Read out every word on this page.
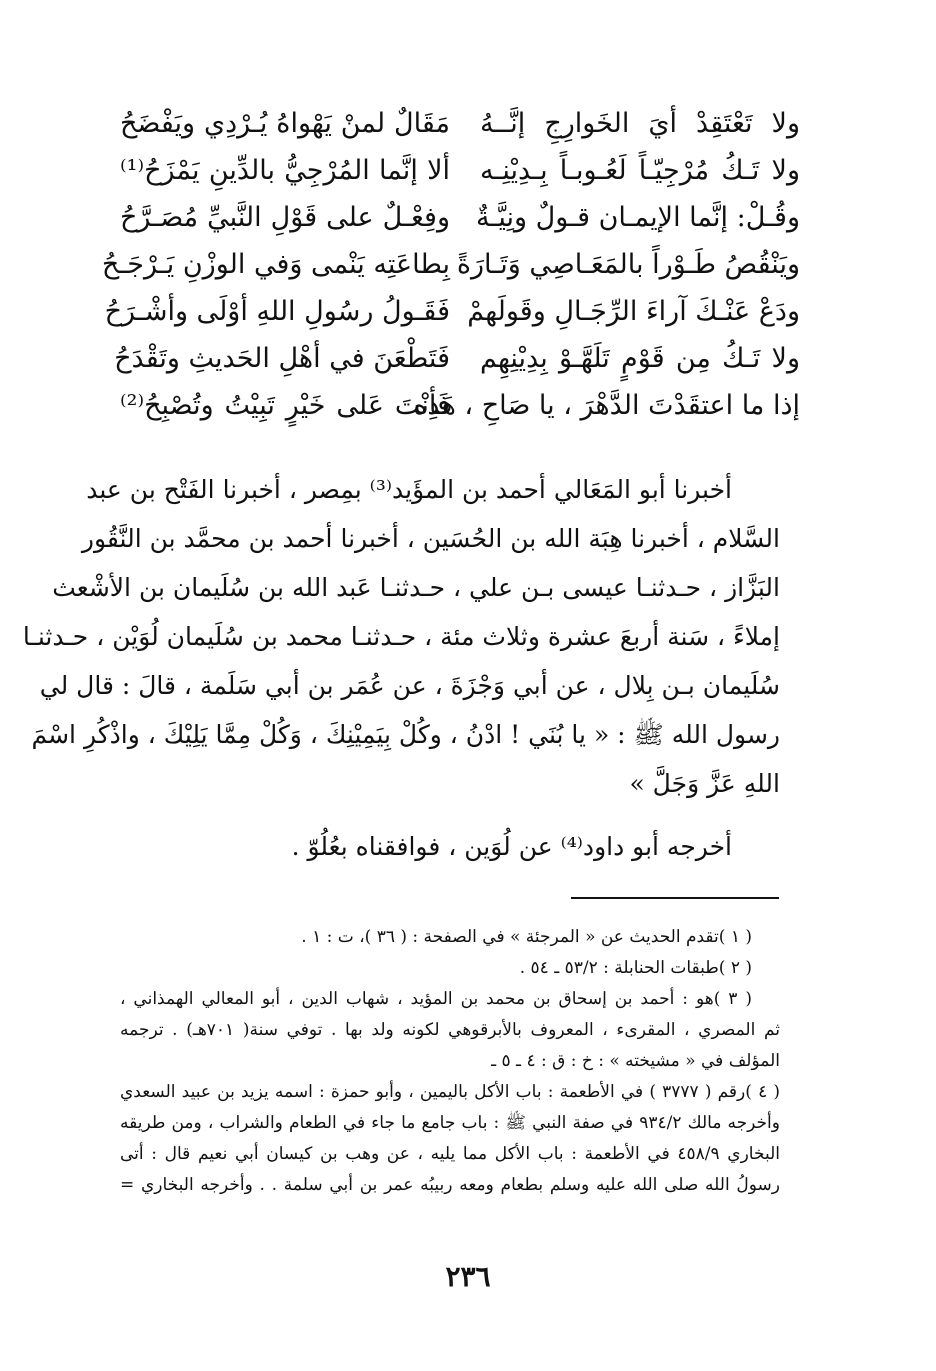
ولا تَعْتَقِدْ أيَ الخَوارِجِ إنَّــهُ
مَقَالٌ لمنْ يَهْواهُ يُـرْدِي ويَفْضَحُ
ولا تَـكُ مُرْجِيّـاً لَعُـوبـاً بِـدِيْنِـه
ألا إنَّما المُرْجِيُّ بالدِّينِ يَمْزَحُ⁽¹⁾
وقُـلْ: إنَّما الإيمـان قـولٌ ونِيَّـةٌ
وفِعْـلٌ على قَوْلِ النَّبيِّ مُصَـرَّحُ
ويَنْقُصُ طَـوْراً بالمَعَـاصِي وَتَـارَةً
بِطاعَتِه يَنْمى وَفي الوزْنِ يَـرْجَـحُ
ودَعْ عَنْـكَ آراءَ الرِّجَـالِ وقَولَهمْ
فَقَـولُ رسُولِ اللهِ أوْلَى وأشْـرَحُ
ولا تَـكُ مِن قَوْمٍ تَلَهَّـوْ بِدِيْنِهِم
فَتَطْعَنَ في أهْلِ الحَديثِ وتَقْدَحُ
إذا ما اعتقَدْتَ الدَّهْرَ ، يا صَاحِ ، هَذِه
فَأنْتَ عَلى خَيْرٍ تَبِيْتُ وتُصْبِحُ⁽²⁾

أخبرنا أبو المَعَالي أحمد بن المؤَيد⁽³⁾ بمِصر ، أخبرنا الفَتْح بن عبد
السَّلام ، أخبرنا هِبَة الله بن الحُسَين ، أخبرنا أحمد بن محمَّد بن النَّقُور
البَزَّاز ، حـدثنـا عيسى بـن علي ، حـدثنـا عَبد الله بن سُلَيمان بن الأشْعث
إملاءً ، سَنة أربعَ عشرة وثلاث مئة ، حـدثنـا محمد بن سُلَيمان لُوَيْن ، حـدثنـا
سُلَيمان بـن بِلال ، عن أبي وَجْزَةَ ، عن عُمَر بن أبي سَلَمة ، قالَ : قال لي
رسول الله ﷺ : « يا بُنَي ! ادْنُ ، وكُلْ بِيَمِيْنِكَ ، وَكُلْ مِمَّا يَلِيْكَ ، واذْكُرِ اسْمَ
اللهِ عَزَّ وَجَلَّ »

أخرجه أبو داود⁽⁴⁾ عن لُوَين ، فوافقناه بعُلُوّ .

( ١ )تقدم الحديث عن « المرجئة » في الصفحة : ( ٣٦ )، ت : ١ .

( ٢ )طبقات الحنابلة : ٥٣/٢ ـ ٥٤ .

( ٣ )هو : أحمد بن إسحاق بن محمد بن المؤيد ، شهاب الدين ، أبو المعالي الهمذاني ،
ثم المصري ، المقرىء ، المعروف بالأبرقوهي لكونه ولد بها . توفي سنة( ٧٠١هـ) . ترجمه
المؤلف في « مشيخته » : خ : ق : ٤ ـ ٥ ـ

( ٤ )رقم ( ٣٧٧٧ ) في الأطعمة : باب الأكل باليمين ، وأبو حمزة : اسمه يزيد بن عبيد السعدي
وأخرجه مالك ٩٣٤/٢ في صفة النبي ﷺ : باب جامع ما جاء في الطعام والشراب ، ومن طريقه
البخاري ٤٥٨/٩ في الأطعمة : باب الأكل مما يليه ، عن وهب بن كيسان أبي نعيم قال : أتى
رسولُ الله صلى الله عليه وسلم بطعام ومعه ربيبُه عمر بن أبي سلمة . . وأخرجه البخاري =

٢٣٦
